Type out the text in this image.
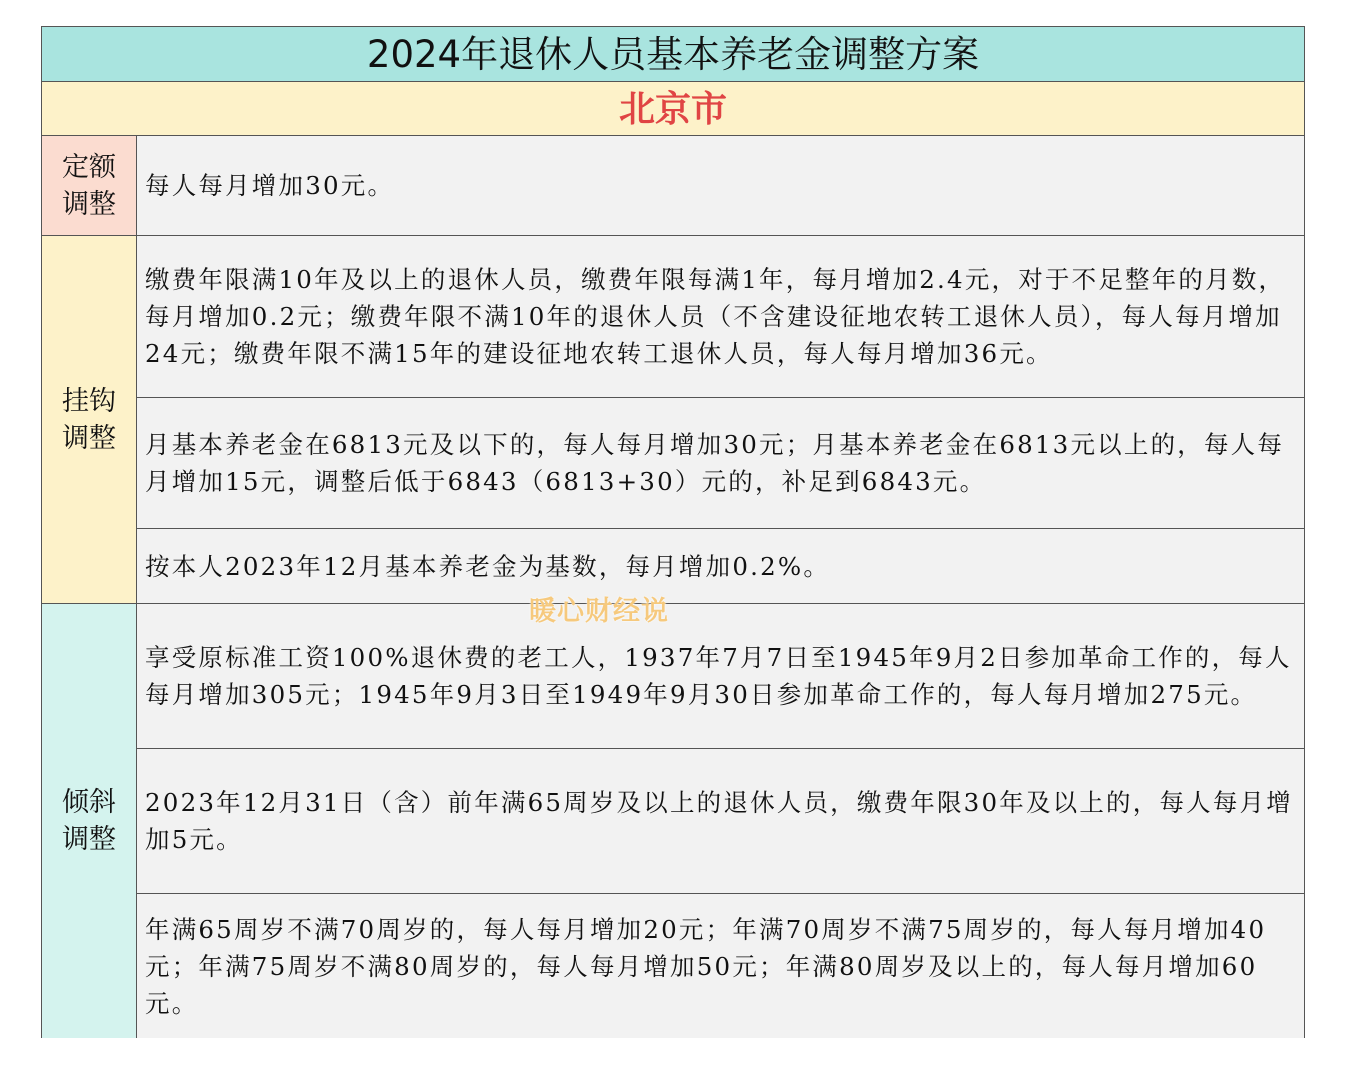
2024年退休人员基本养老金调整方案
北京市
定额调整
每人每月增加30元。
挂钩调整
缴费年限满10年及以上的退休人员，缴费年限每满1年，每月增加2.4元，对于不足整年的月数，每月增加0.2元；缴费年限不满10年的退休人员（不含建设征地农转工退休人员），每人每月增加24元；缴费年限不满15年的建设征地农转工退休人员，每人每月增加36元。
月基本养老金在6813元及以下的，每人每月增加30元；月基本养老金在6813元以上的，每人每月增加15元，调整后低于6843（6813+30）元的，补足到6843元。
按本人2023年12月基本养老金为基数，每月增加0.2%。
倾斜调整
享受原标准工资100%退休费的老工人，1937年7月7日至1945年9月2日参加革命工作的，每人每月增加305元；1945年9月3日至1949年9月30日参加革命工作的，每人每月增加275元。
2023年12月31日（含）前年满65周岁及以上的退休人员，缴费年限30年及以上的，每人每月增加5元。
年满65周岁不满70周岁的，每人每月增加20元；年满70周岁不满75周岁的，每人每月增加40元；年满75周岁不满80周岁的，每人每月增加50元；年满80周岁及以上的，每人每月增加60元。
暖心财经说
